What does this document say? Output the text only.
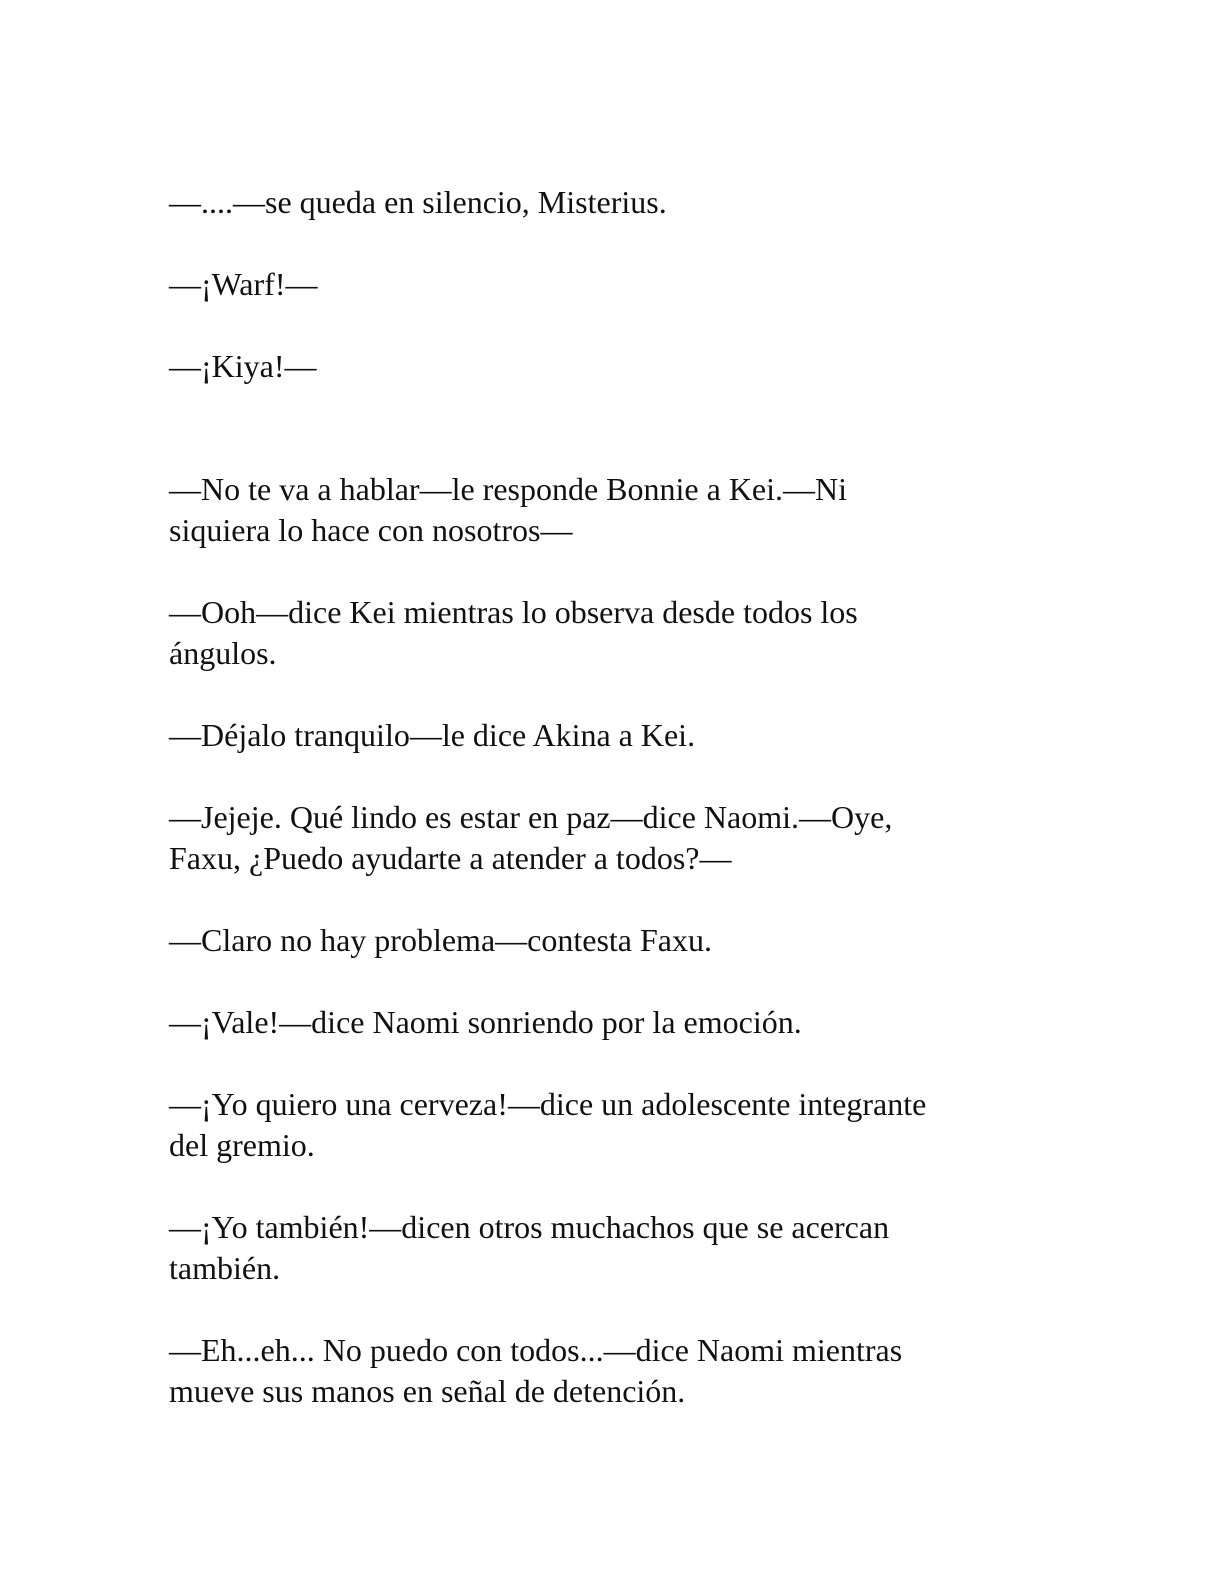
—....—se queda en silencio, Misterius.

—¡Warf!—

—¡Kiya!—

—No te va a hablar—le responde Bonnie a Kei.—Ni
siquiera lo hace con nosotros—

—Ooh—dice Kei mientras lo observa desde todos los
ángulos.

—Déjalo tranquilo—le dice Akina a Kei.

—Jejeje. Qué lindo es estar en paz—dice Naomi.—Oye,
Faxu, ¿Puedo ayudarte a atender a todos?—

—Claro no hay problema—contesta Faxu.

—¡Vale!—dice Naomi sonriendo por la emoción.

—¡Yo quiero una cerveza!—dice un adolescente integrante
del gremio.

—¡Yo también!—dicen otros muchachos que se acercan
también.

—Eh...eh... No puedo con todos...—dice Naomi mientras
mueve sus manos en señal de detención.
